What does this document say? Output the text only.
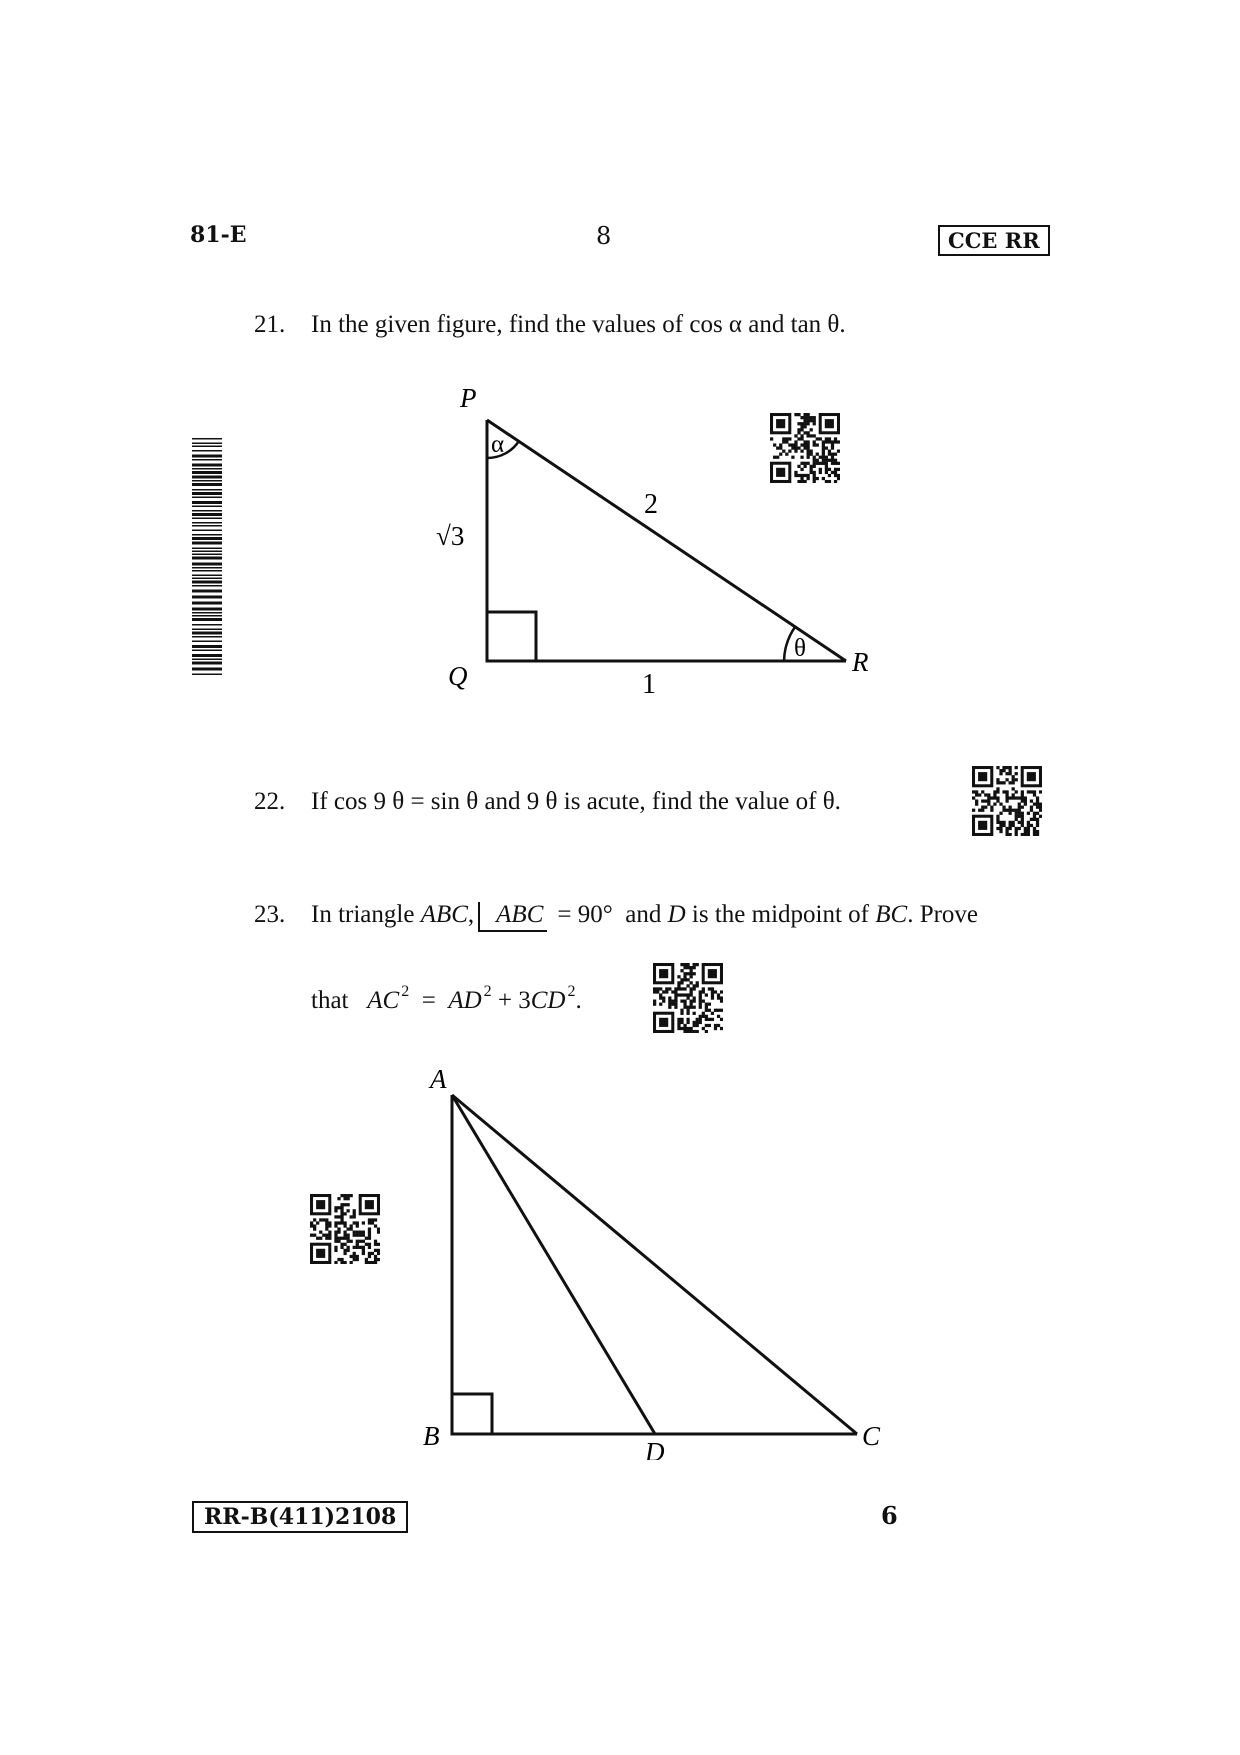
81-E	8	CCE RR
21. In the given figure, find the values of cos α and tan θ.
P
Q	R
√3
2
1
α
θ
22. If cos 9 θ = sin θ and 9 θ is acute, find the value of θ.
23. In triangle ABC, ABC = 90° and D is the midpoint of BC. Prove
that AC $^2$ = AD $^2$ + 3CD $^2$.
A
B	C
D
RR-B(411)2108	6
